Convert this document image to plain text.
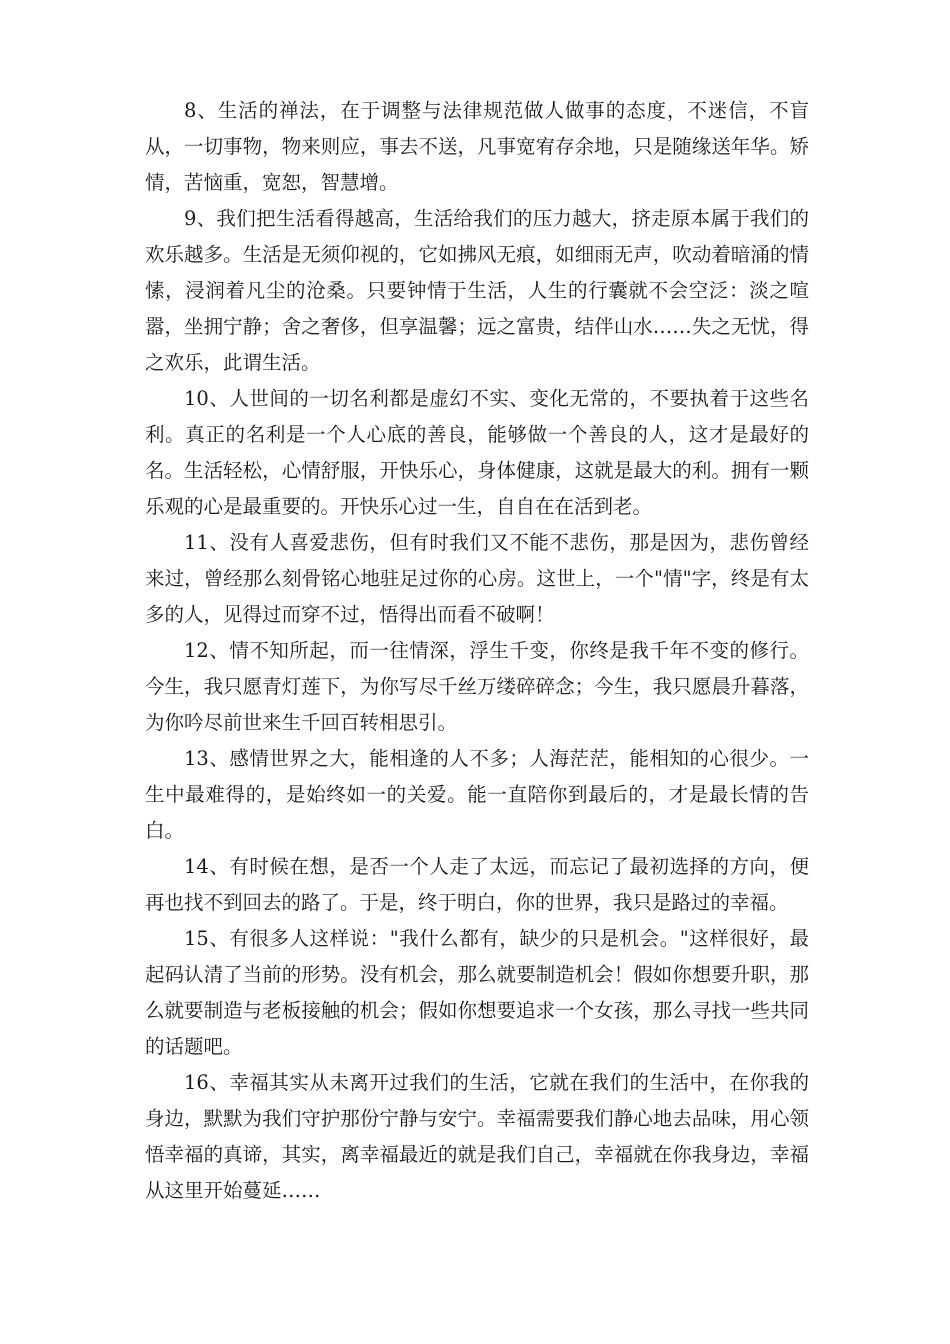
8、生活的禅法，在于调整与法律规范做人做事的态度，不迷信，不盲从，一切事物，物来则应，事去不送，凡事宽宥存余地，只是随缘送年华。矫情，苦恼重，宽恕，智慧增。

9、我们把生活看得越高，生活给我们的压力越大，挤走原本属于我们的欢乐越多。生活是无须仰视的，它如拂风无痕，如细雨无声，吹动着暗涌的情愫，浸润着凡尘的沧桑。只要钟情于生活，人生的行囊就不会空泛：淡之喧嚣，坐拥宁静；舍之奢侈，但享温馨；远之富贵，结伴山水……失之无忧，得之欢乐，此谓生活。

10、人世间的一切名利都是虚幻不实、变化无常的，不要执着于这些名利。真正的名利是一个人心底的善良，能够做一个善良的人，这才是最好的名。生活轻松，心情舒服，开快乐心，身体健康，这就是最大的利。拥有一颗乐观的心是最重要的。开快乐心过一生，自自在在活到老。

11、没有人喜爱悲伤，但有时我们又不能不悲伤，那是因为，悲伤曾经来过，曾经那么刻骨铭心地驻足过你的心房。这世上，一个"情"字，终是有太多的人，见得过而穿不过，悟得出而看不破啊！

12、情不知所起，而一往情深，浮生千变，你终是我千年不变的修行。今生，我只愿青灯莲下，为你写尽千丝万缕碎碎念；今生，我只愿晨升暮落，为你吟尽前世来生千回百转相思引。

13、感情世界之大，能相逢的人不多；人海茫茫，能相知的心很少。一生中最难得的，是始终如一的关爱。能一直陪你到最后的，才是最长情的告白。

14、有时候在想，是否一个人走了太远，而忘记了最初选择的方向，便再也找不到回去的路了。于是，终于明白，你的世界，我只是路过的幸福。

15、有很多人这样说："我什么都有，缺少的只是机会。"这样很好，最起码认清了当前的形势。没有机会，那么就要制造机会！假如你想要升职，那么就要制造与老板接触的机会；假如你想要追求一个女孩，那么寻找一些共同的话题吧。

16、幸福其实从未离开过我们的生活，它就在我们的生活中，在你我的身边，默默为我们守护那份宁静与安宁。幸福需要我们静心地去品味，用心领悟幸福的真谛，其实，离幸福最近的就是我们自己，幸福就在你我身边，幸福从这里开始蔓延……
